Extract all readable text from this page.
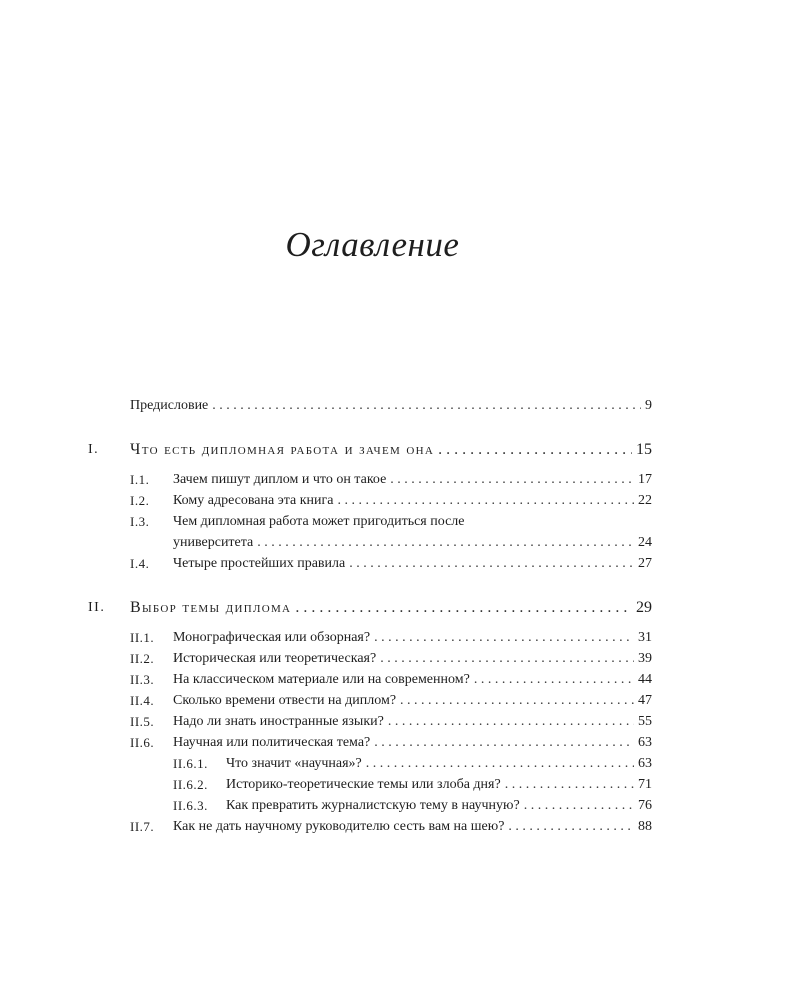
Оглавление
Предисловие . . .	9
I. Что есть дипломная работа и зачем она . . .	15
I.1. Зачем пишут диплом и что он такое . . .	17
I.2. Кому адресована эта книга . . .	22
I.3. Чем дипломная работа может пригодиться после
университета . . .	24
I.4. Четыре простейших правила . . .	27
II. Выбор темы диплома . . .	29
II.1. Монографическая или обзорная? . . .	31
II.2. Историческая или теоретическая? . . .	39
II.3. На классическом материале или на современном? . . .	44
II.4. Сколько времени отвести на диплом? . . .	47
II.5. Надо ли знать иностранные языки? . . .	55
II.6. Научная или политическая тема? . . .	63
II.6.1. Что значит «научная»? . . .	63
II.6.2. Историко-теоретические темы или злоба дня? . . .	71
II.6.3. Как превратить журналистскую тему в научную? . . .	76
II.7. Как не дать научному руководителю сесть вам на шею? . . .	88
